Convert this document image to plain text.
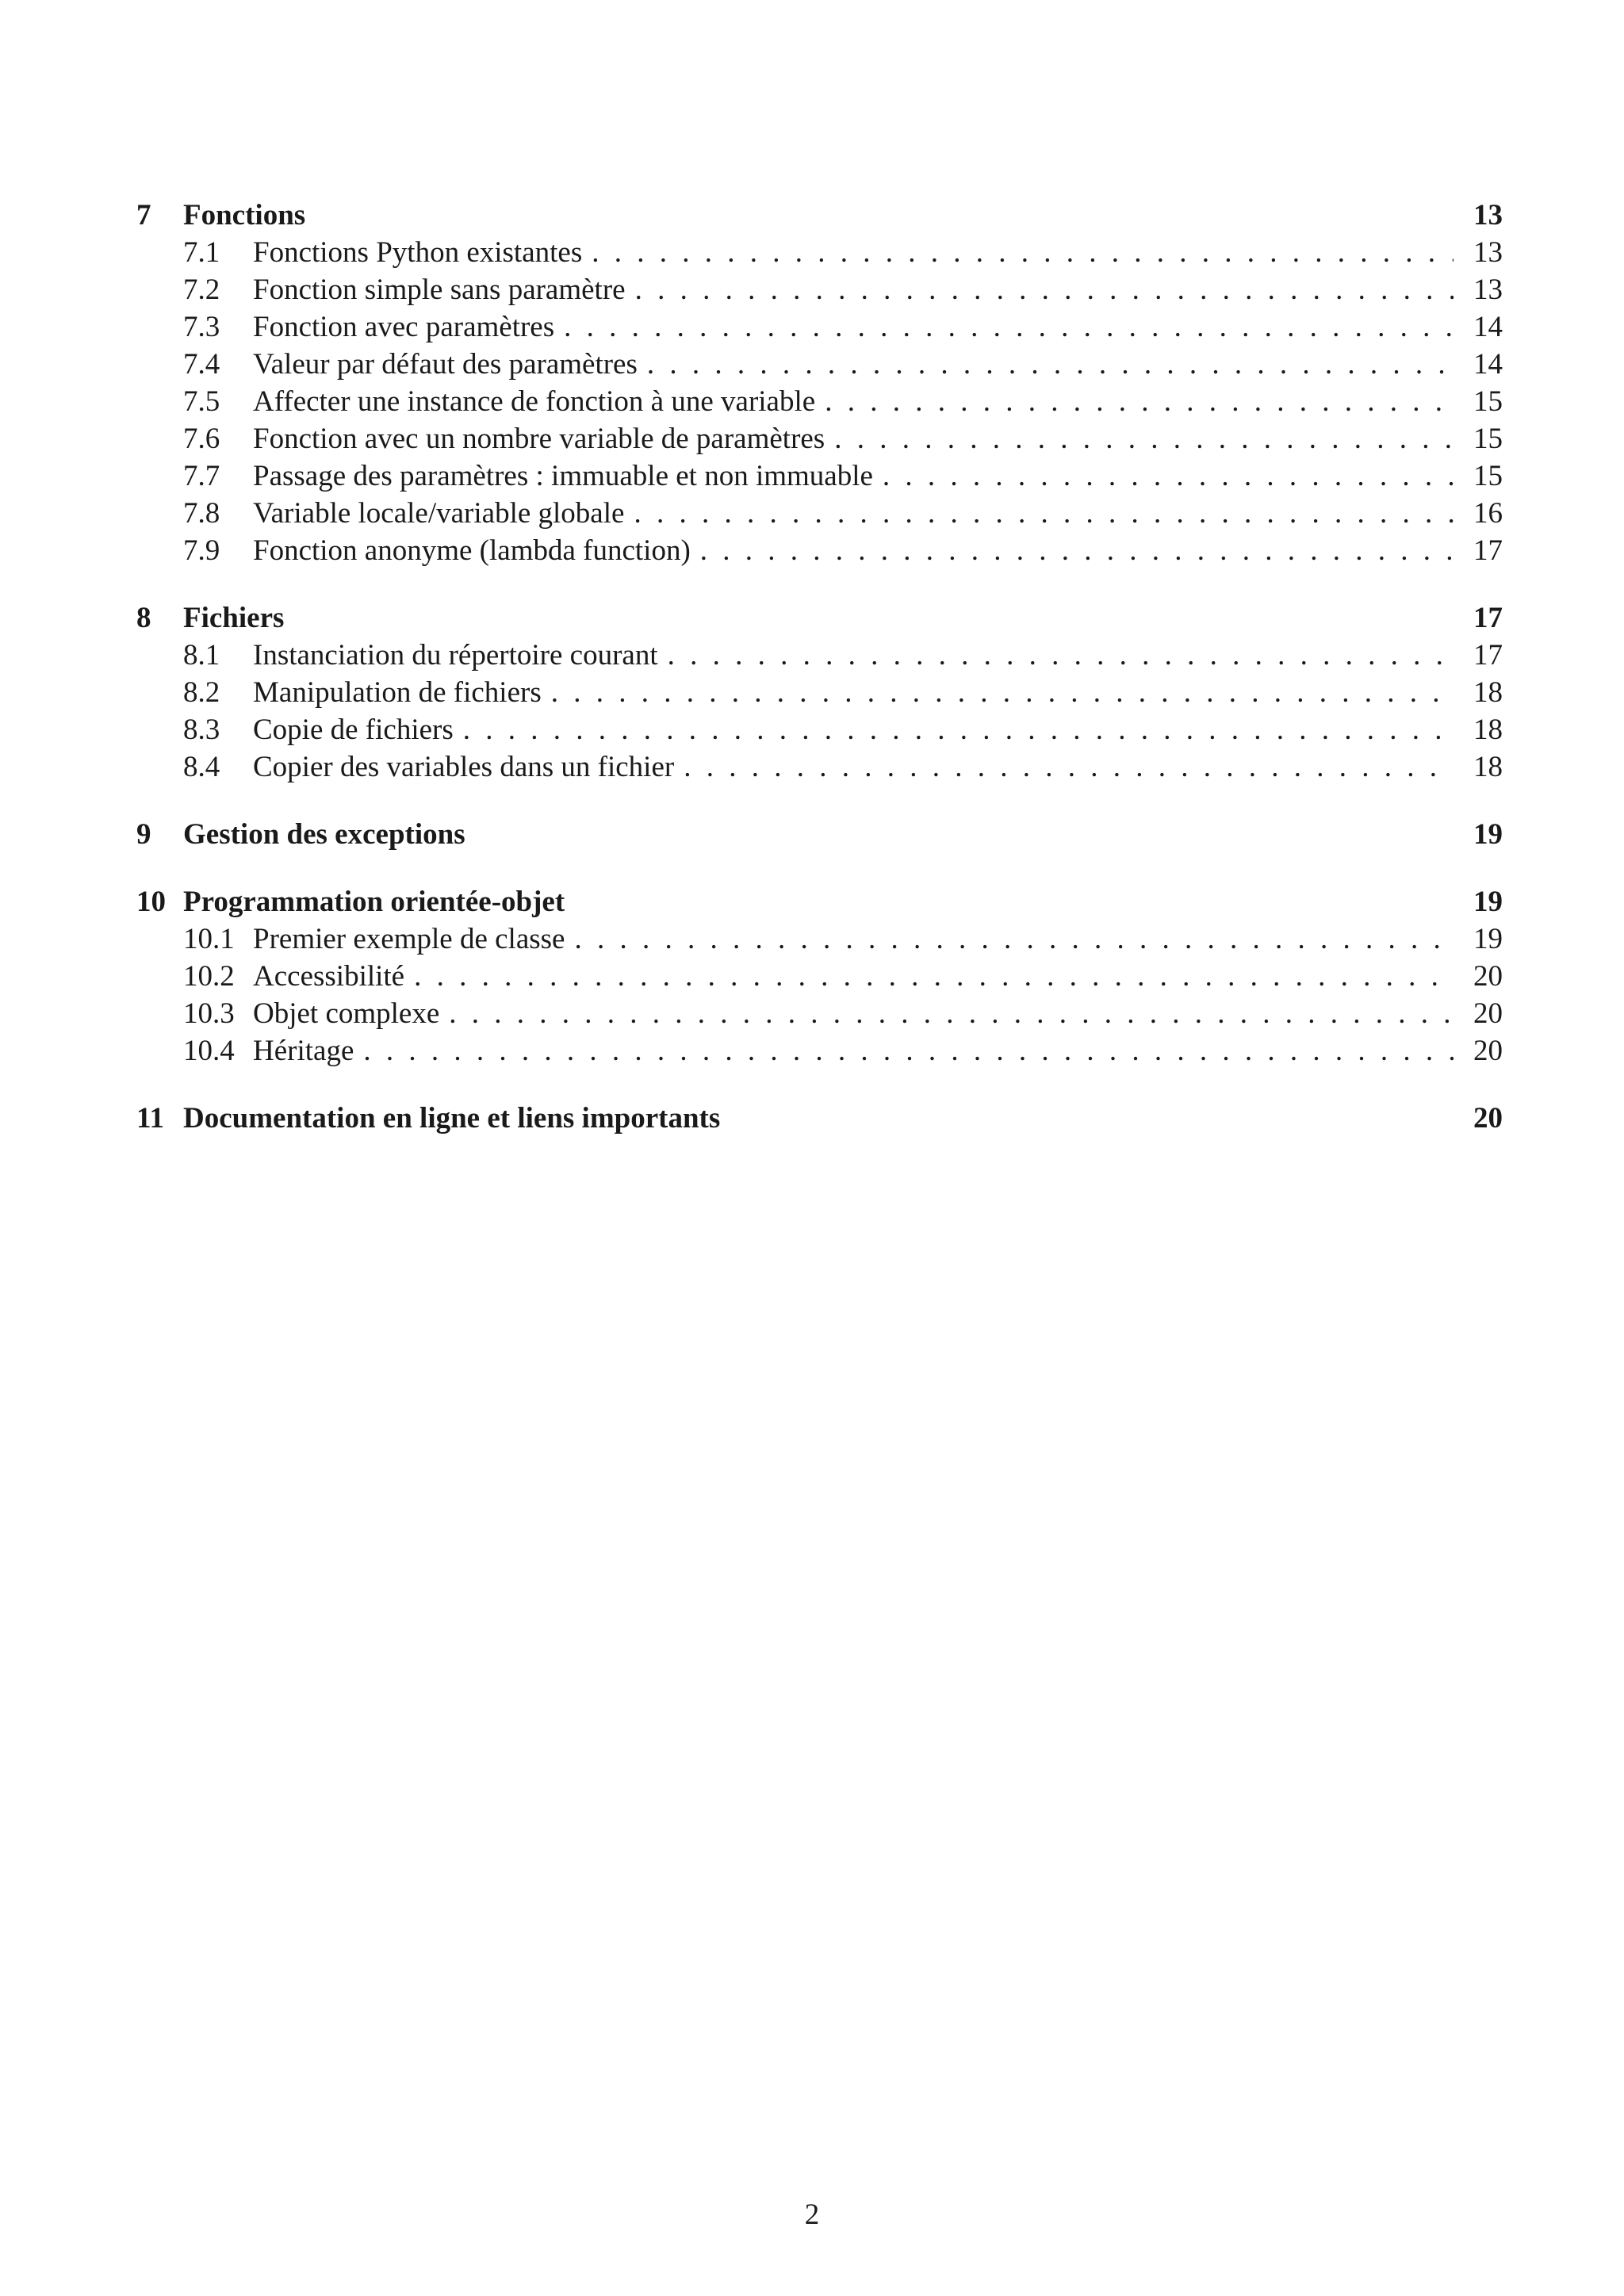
7	Fonctions	13
7.1	Fonctions Python existantes . . .	13
7.2	Fonction simple sans paramètre . . .	13
7.3	Fonction avec paramètres . . .	14
7.4	Valeur par défaut des paramètres . . .	14
7.5	Affecter une instance de fonction à une variable . . .	15
7.6	Fonction avec un nombre variable de paramètres . . .	15
7.7	Passage des paramètres : immuable et non immuable . . .	15
7.8	Variable locale/variable globale . . .	16
7.9	Fonction anonyme (lambda function) . . .	17
8	Fichiers	17
8.1	Instanciation du répertoire courant . . .	17
8.2	Manipulation de fichiers . . .	18
8.3	Copie de fichiers . . .	18
8.4	Copier des variables dans un fichier . . .	18
9	Gestion des exceptions	19
10 Programmation orientée-objet	19
10.1 Premier exemple de classe . . .	19
10.2 Accessibilité . . .	20
10.3 Objet complexe . . .	20
10.4 Héritage . . .	20
11 Documentation en ligne et liens importants	20
2
